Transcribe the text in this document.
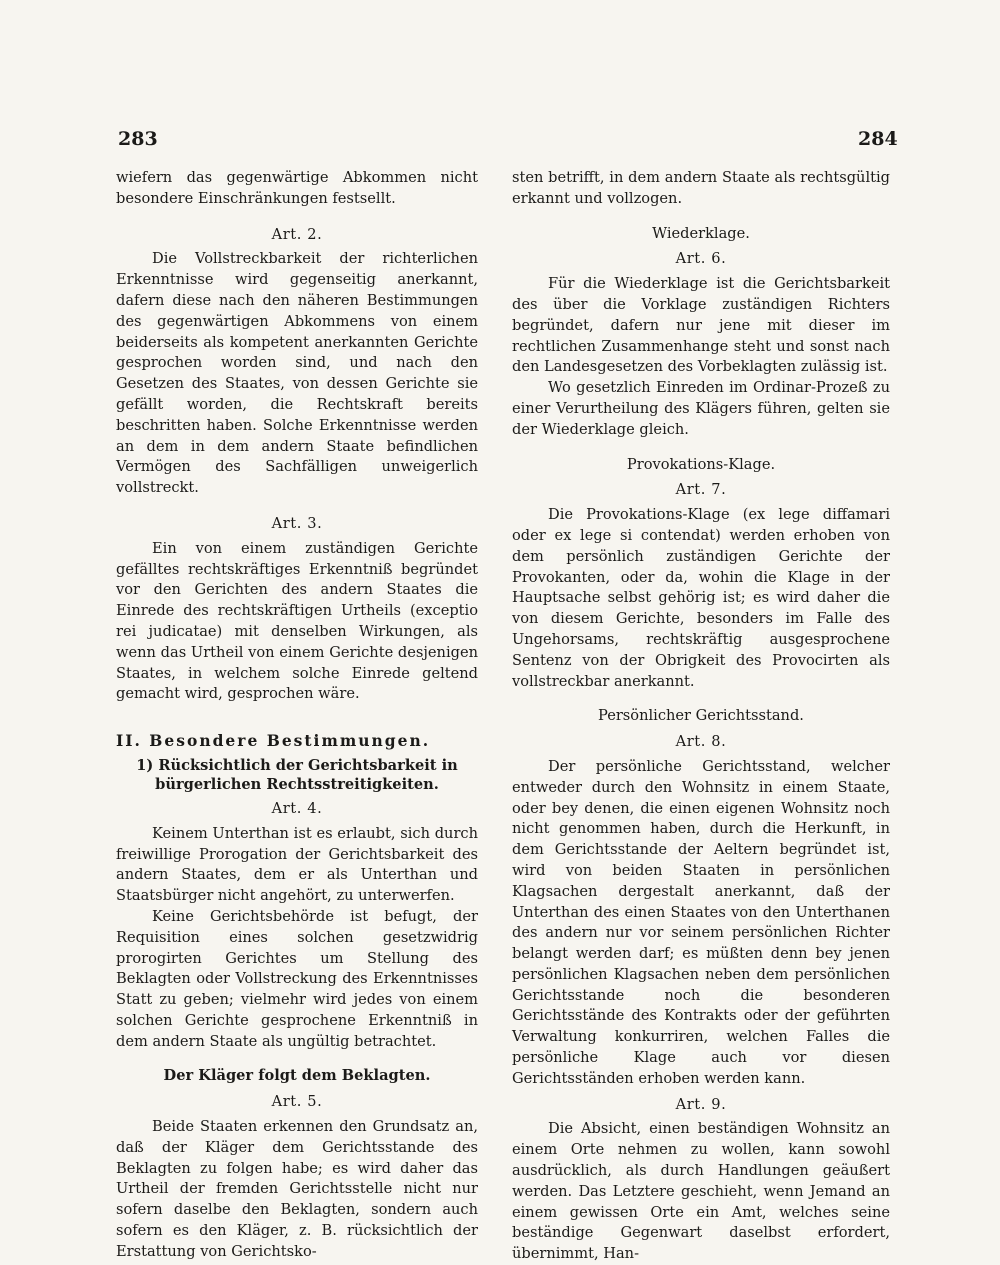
283	284

wiefern das gegenwärtige Abkommen nicht besondere Einschränkungen festsellt.

Art. 2.

Die Vollstreckbarkeit der richterlichen Erkenntnisse wird gegenseitig anerkannt, dafern diese nach den näheren Bestimmungen des gegenwärtigen Abkommens von einem beiderseits als kompetent anerkannten Gerichte gesprochen worden sind, und nach den Gesetzen des Staates, von dessen Gerichte sie gefällt worden, die Rechtskraft bereits beschritten haben. Solche Erkenntnisse werden an dem in dem andern Staate befindlichen Vermögen des Sachfälligen unweigerlich vollstreckt.

Art. 3.

Ein von einem zuständigen Gerichte gefälltes rechtskräftiges Erkenntniß begründet vor den Gerichten des andern Staates die Einrede des rechtskräftigen Urtheils (exceptio rei judicatae) mit denselben Wirkungen, als wenn das Urtheil von einem Gerichte desjenigen Staates, in welchem solche Einrede geltend gemacht wird, gesprochen wäre.

II. Besondere Bestimmungen.
1) Rücksichtlich der Gerichtsbarkeit in bürgerlichen Rechtsstreitigkeiten.
Art. 4.

Keinem Unterthan ist es erlaubt, sich durch freiwillige Prorogation der Gerichtsbarkeit des andern Staates, dem er als Unterthan und Staatsbürger nicht angehört, zu unterwerfen.

Keine Gerichtsbehörde ist befugt, der Requisition eines solchen gesetzwidrig prorogirten Gerichtes um Stellung des Beklagten oder Vollstreckung des Erkenntnisses Statt zu geben; vielmehr wird jedes von einem solchen Gerichte gesprochene Erkenntniß in dem andern Staate als ungültig betrachtet.

Der Kläger folgt dem Beklagten.
Art. 5.

Beide Staaten erkennen den Grundsatz an, daß der Kläger dem Gerichtsstande des Beklagten zu folgen habe; es wird daher das Urtheil der fremden Gerichtsstelle nicht nur sofern daselbe den Beklagten, sondern auch sofern es den Kläger, z. B. rücksichtlich der Erstattung von Gerichtsko-

sten betrifft, in dem andern Staate als rechtsgültig erkannt und vollzogen.

Wiederklage.
Art. 6.

Für die Wiederklage ist die Gerichtsbarkeit des über die Vorklage zuständigen Richters begründet, dafern nur jene mit dieser im rechtlichen Zusammenhange steht und sonst nach den Landesgesetzen des Vorbeklagten zulässig ist.

Wo gesetzlich Einreden im Ordinar-Prozeß zu einer Verurtheilung des Klägers führen, gelten sie der Wiederklage gleich.

Provokations-Klage.
Art. 7.

Die Provokations-Klage (ex lege diffamari oder ex lege si contendat) werden erhoben von dem persönlich zuständigen Gerichte der Provokanten, oder da, wohin die Klage in der Hauptsache selbst gehörig ist; es wird daher die von diesem Gerichte, besonders im Falle des Ungehorsams, rechtskräftig ausgesprochene Sentenz von der Obrigkeit des Provocirten als vollstreckbar anerkannt.

Persönlicher Gerichtsstand.
Art. 8.

Der persönliche Gerichtsstand, welcher entweder durch den Wohnsitz in einem Staate, oder bey denen, die einen eigenen Wohnsitz noch nicht genommen haben, durch die Herkunft, in dem Gerichtsstande der Aeltern begründet ist, wird von beiden Staaten in persönlichen Klagsachen dergestalt anerkannt, daß der Unterthan des einen Staates von den Unterthanen des andern nur vor seinem persönlichen Richter belangt werden darf; es müßten denn bey jenen persönlichen Klagsachen neben dem persönlichen Gerichtsstande noch die besonderen Gerichtsstände des Kontrakts oder der geführten Verwaltung konkurriren, welchen Falles die persönliche Klage auch vor diesen Gerichtsständen erhoben werden kann.

Art. 9.

Die Absicht, einen beständigen Wohnsitz an einem Orte nehmen zu wollen, kann sowohl ausdrücklich, als durch Handlungen geäußert werden. Das Letztere geschieht, wenn Jemand an einem gewissen Orte ein Amt, welches seine beständige Gegenwart daselbst erfordert, übernimmt, Han-
